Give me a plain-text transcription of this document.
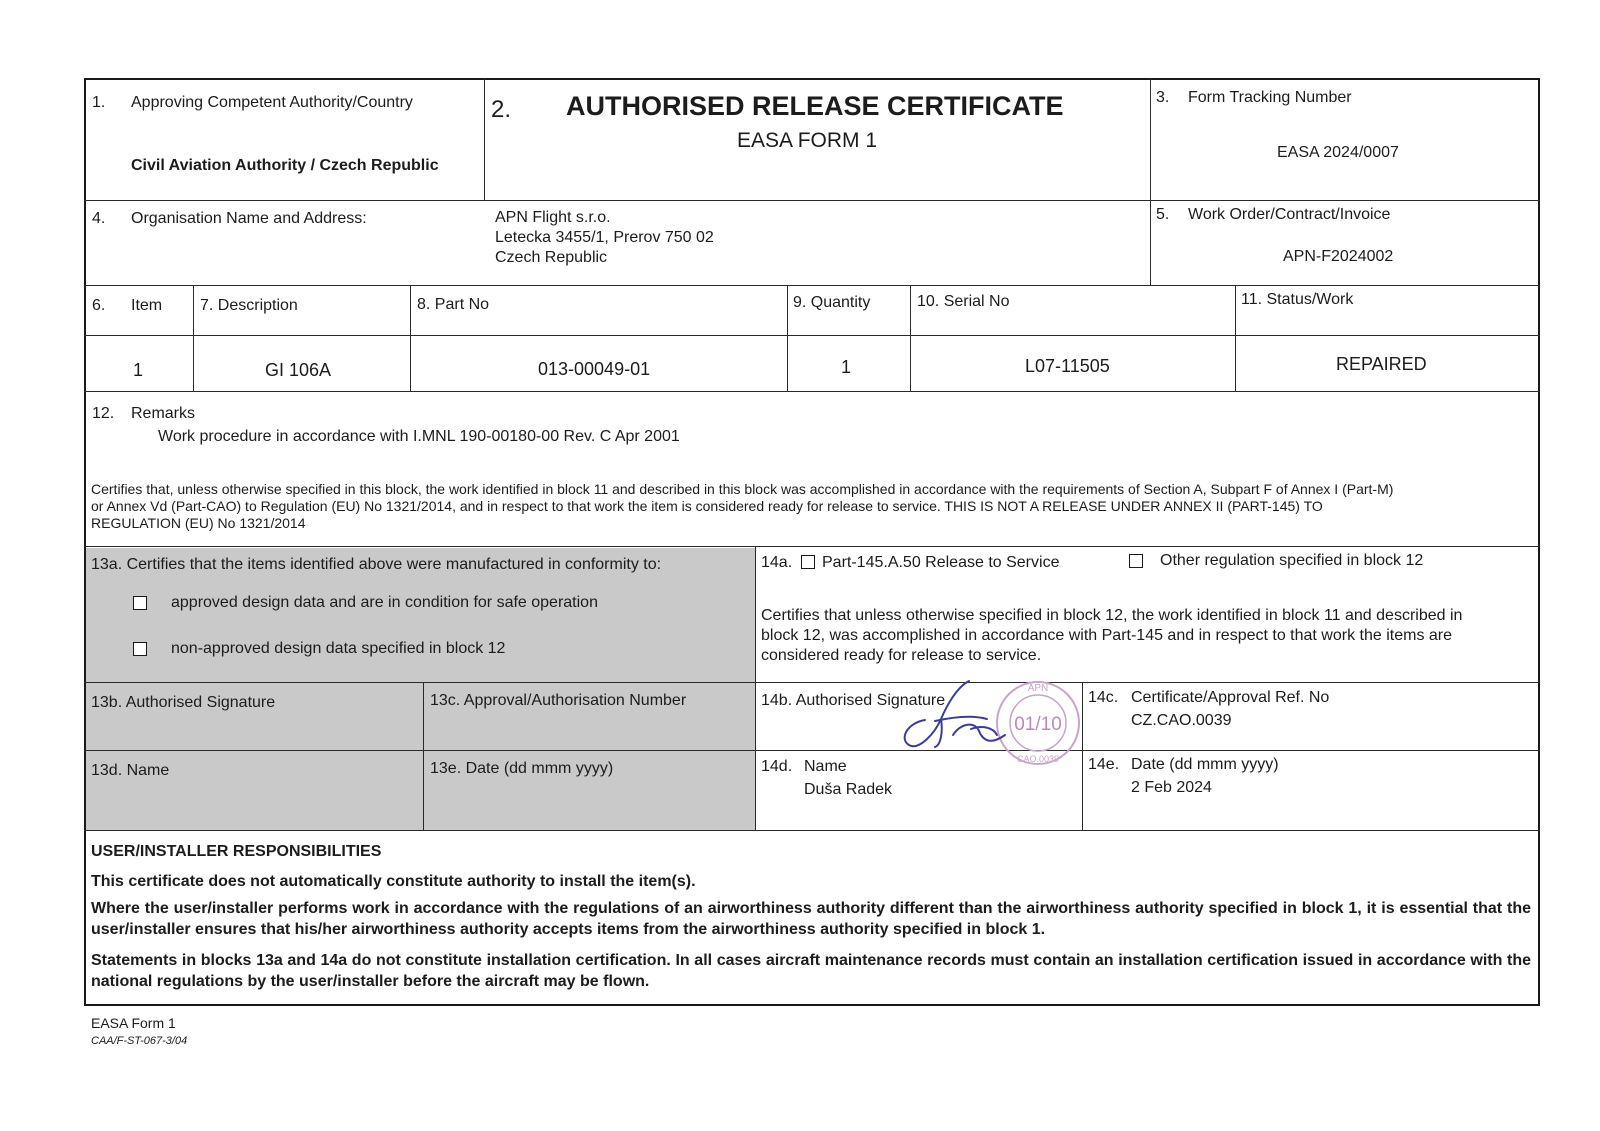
1. Approving Competent Authority/Country
Civil Aviation Authority / Czech Republic
2. AUTHORISED RELEASE CERTIFICATE
EASA FORM 1
3. Form Tracking Number
EASA 2024/0007
4. Organisation Name and Address:	APN Flight s.r.o.
Letecka 3455/1, Prerov 750 02
Czech Republic
5. Work Order/Contract/Invoice
APN-F2024002
6. Item 7. Description	8. Part No	9. Quantity	10. Serial No	11. Status/Work
1	GI 106A	013-00049-01	1	L07-11505	REPAIRED
12. Remarks
Work procedure in accordance with I.MNL 190-00180-00 Rev. C Apr 2001
Certifies that, unless otherwise specified in this block, the work identified in block 11 and described in this block was accomplished in accordance with the requirements of Section A, Subpart F of Annex I (Part-M)
or Annex Vd (Part-CAO) to Regulation (EU) No 1321/2014, and in respect to that work the item is considered ready for release to service. THIS IS NOT A RELEASE UNDER ANNEX II (PART-145) TO
REGULATION (EU) No 1321/2014
13a. Certifies that the items identified above were manufactured in conformity to:
approved design data and are in condition for safe operation
non-approved design data specified in block 12
13b. Authorised Signature	13c. Approval/Authorisation Number
13d. Name	13e. Date (dd mmm yyyy)
14a. Part-145.A.50 Release to Service	Other regulation specified in block 12
Certifies that unless otherwise specified in block 12, the work identified in block 11 and described in
block 12, was accomplished in accordance with Part-145 and in respect to that work the items are
considered ready for release to service.
14b. Authorised Signature
APN
01/10
CAO.0039
14c. Certificate/Approval Ref. No
CZ.CAO.0039
14d. Name
Duša Radek
14e. Date (dd mmm yyyy)
2 Feb 2024
USER/INSTALLER RESPONSIBILITIES
This certificate does not automatically constitute authority to install the item(s).
Where the user/installer performs work in accordance with the regulations of an airworthiness authority different than the airworthiness authority specified in block 1, it is essential that the user/installer ensures that his/her airworthiness authority accepts items from the airworthiness authority specified in block 1.
Statements in blocks 13a and 14a do not constitute installation certification. In all cases aircraft maintenance records must contain an installation certification issued in accordance with the national regulations by the user/installer before the aircraft may be flown.
EASA Form 1
CAA/F-ST-067-3/04
